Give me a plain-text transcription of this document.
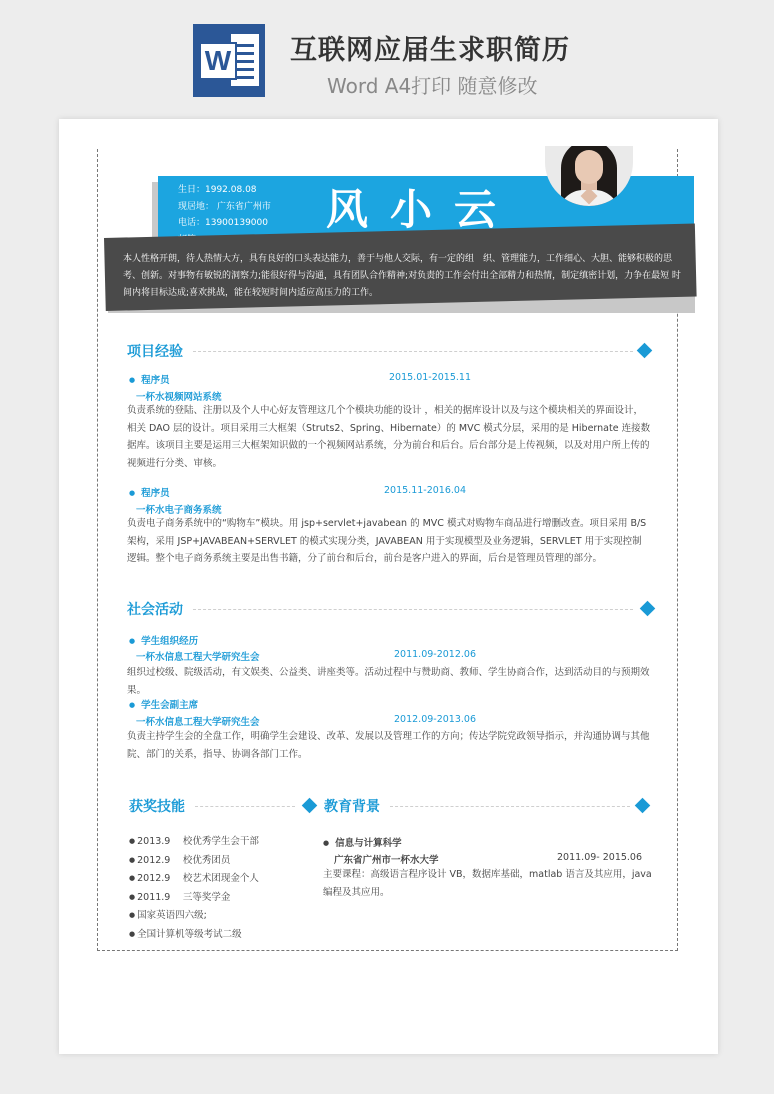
W 互联网应届生求职简历
Word A4打印 随意修改
生日：1992.08.08
现居地： 广东省广州市
电话：13900139000	风小云
本人性格开朗，待人热情大方，具有良好的口头表达能力，善于与他人交际，有一定的组　织、管理能力，工作细心、大胆、能够积极的思考、创新。对事物有敏锐的洞察力;能很好得与沟通，具有团队合作精神;对负责的工作会付出全部精力和热情，制定缜密计划，力争在最短 时间内将目标达成;喜欢挑战，能在较短时间内适应高压力的工作。
项目经验
● 程序员	2015.01-2015.11
一杯水视频网站系统
负责系统的登陆、注册以及个人中心好友管理这几个个模块功能的设计 ，相关的据库设计以及与这个模块相关的界面设计，　相关 DAO 层的设计。项目采用三大框架（Struts2、Spring、Hibernate）的 MVC 模式分层，采用的是 Hibernate 连接数据库。该项目主要是运用三大框架知识做的一个视频网站系统，分为前台和后台。后台部分是上传视频，以及对用户所上传的视频进行分类、审核。
● 程序员	2015.11-2016.04
一杯水电子商务系统
负责电子商务系统中的“购物车”模块。用 jsp+servlet+javabean 的 MVC 模式对购物车商品进行增删改查。项目采用 B/S 架构，采用 JSP+JAVABEAN+SERVLET 的模式实现分类，JAVABEAN 用于实现模型及业务逻辑，SERVLET 用于实现控制逻辑。整个电子商务系统主要是出售书籍，分了前台和后台，前台是客户进入的界面，后台是管理员管理的部分。
社会活动
● 学生组织经历
一杯水信息工程大学研究生会	2011.09-2012.06
组织过校级、院级活动，有文娱类、公益类、讲座类等。活动过程中与赞助商、教师、学生协商合作，达到活动目的与预期效果。
● 学生会副主席
一杯水信息工程大学研究生会	2012.09-2013.06
负责主持学生会的全盘工作，明确学生会建设、改革、发展以及管理工作的方向；传达学院党政领导指示，并沟通协调与其他院、部门的关系，指导、协调各部门工作。
获奖技能
● 2013.9　 校优秀学生会干部
● 2012.9　 校优秀团员
● 2012.9　 校艺术团现金个人
● 2011.9　 三等奖学金
● 国家英语四六级;
● 全国计算机等级考试二级
教育背景
● 信息与计算科学
广东省广州市一杯水大学	2011.09- 2015.06
主要课程：高级语言程序设计 VB，数据库基础，matlab 语言及其应用，java 编程及其应用。
